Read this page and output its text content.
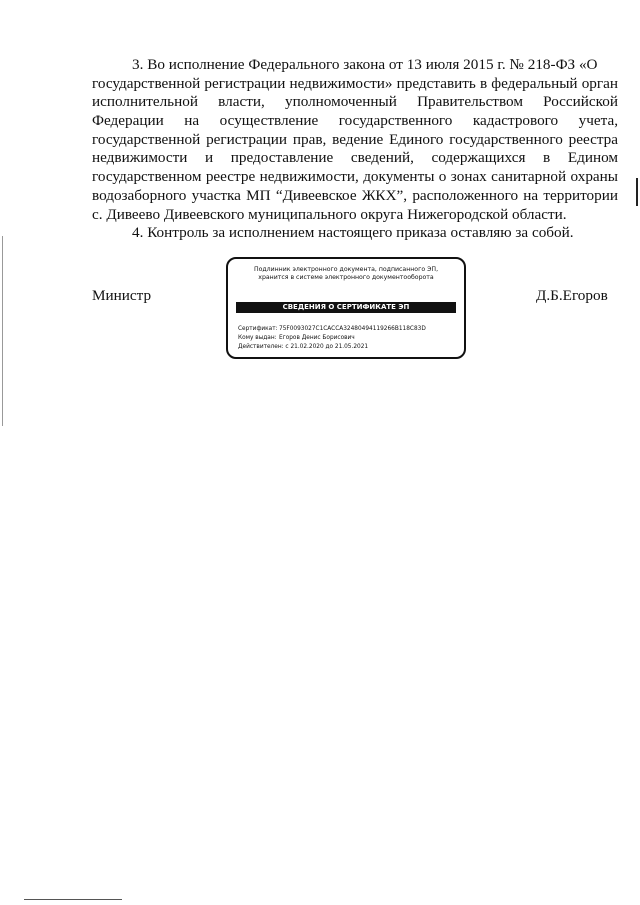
3. Во исполнение Федерального закона от 13 июля 2015 г. № 218-ФЗ «О
государственной регистрации недвижимости» представить в федеральный орган
исполнительной власти, уполномоченный Правительством Российской
Федерации на осуществление государственного кадастрового учета,
государственной регистрации прав, ведение Единого государственного реестра
недвижимости и предоставление сведений, содержащихся в Едином
государственном реестре недвижимости, документы о зонах санитарной охраны
водозаборного участка МП “Дивеевское ЖКХ”, расположенного на территории
с. Дивеево Дивеевского муниципального округа Нижегородской области.
4. Контроль за исполнением настоящего приказа оставляю за собой.
Министр	Д.Б.Егоров
Подлинник электронного документа, подписанного ЭП,
хранится в системе электронного документооборота
СВЕДЕНИЯ О СЕРТИФИКАТЕ ЭП
Сертификат:75F0093027C1CACCA32480494119266B118C83D
Кому выдан: Егоров Денис Борисович
Действителен: с 21.02.2020 до 21.05.2021
